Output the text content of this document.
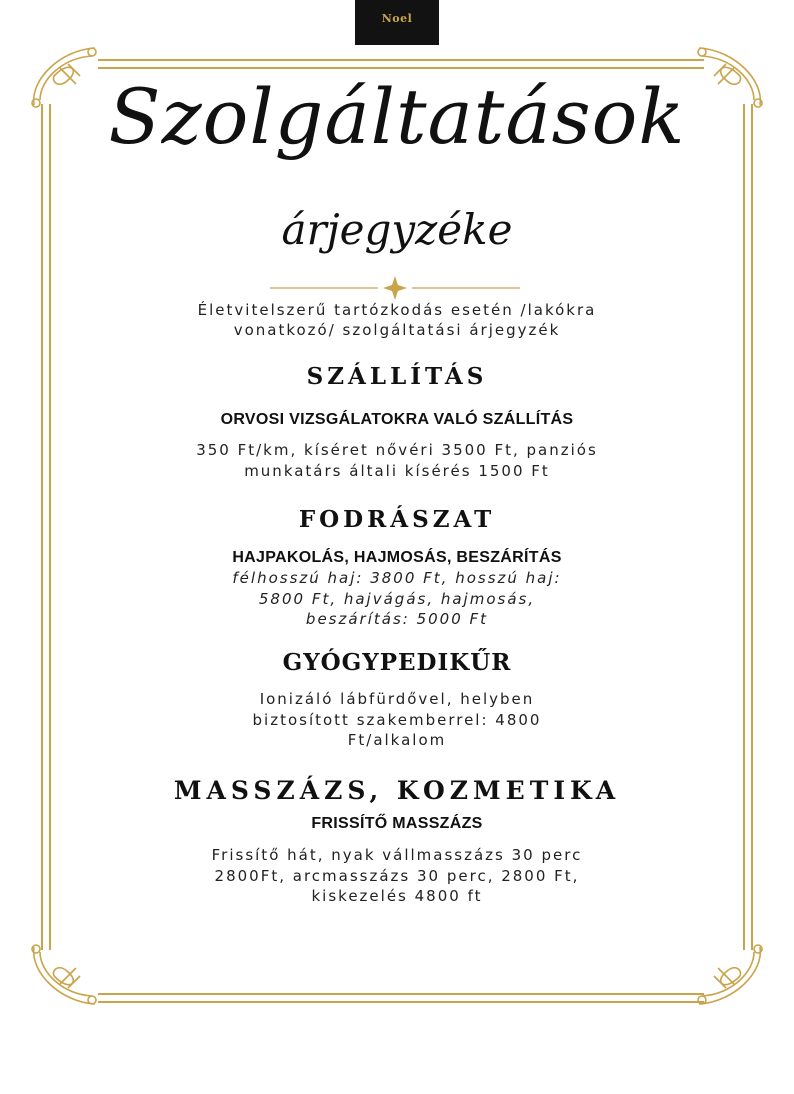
Noel
Szálloda Panzió
Szolgáltatások
árjegyzéke
Életvitelszerű tartózkodás esetén /lakókra
vonatkozó/ szolgáltatási árjegyzék
SZÁLLÍTÁS
ORVOSI VIZSGÁLATOKRA VALÓ SZÁLLÍTÁS
350 Ft/km, kíséret nővéri 3500 Ft, panziós
munkatárs általi kísérés 1500 Ft
FODRÁSZAT
HAJPAKOLÁS, HAJMOSÁS, BESZÁRÍTÁS
félhosszú haj: 3800 Ft, hosszú haj:
5800 Ft, hajvágás, hajmosás,
beszárítás: 5000 Ft
GYÓGYPEDIKŰR
Ionizáló lábfürdővel, helyben
biztosított szakemberrel: 4800
Ft/alkalom
MASSZÁZS, KOZMETIKA
FRISSÍTŐ MASSZÁZS
Frissítő hát, nyak vállmasszázs 30 perc
2800Ft, arcmasszázs 30 perc, 2800 Ft,
kiskezelés 4800 ft
